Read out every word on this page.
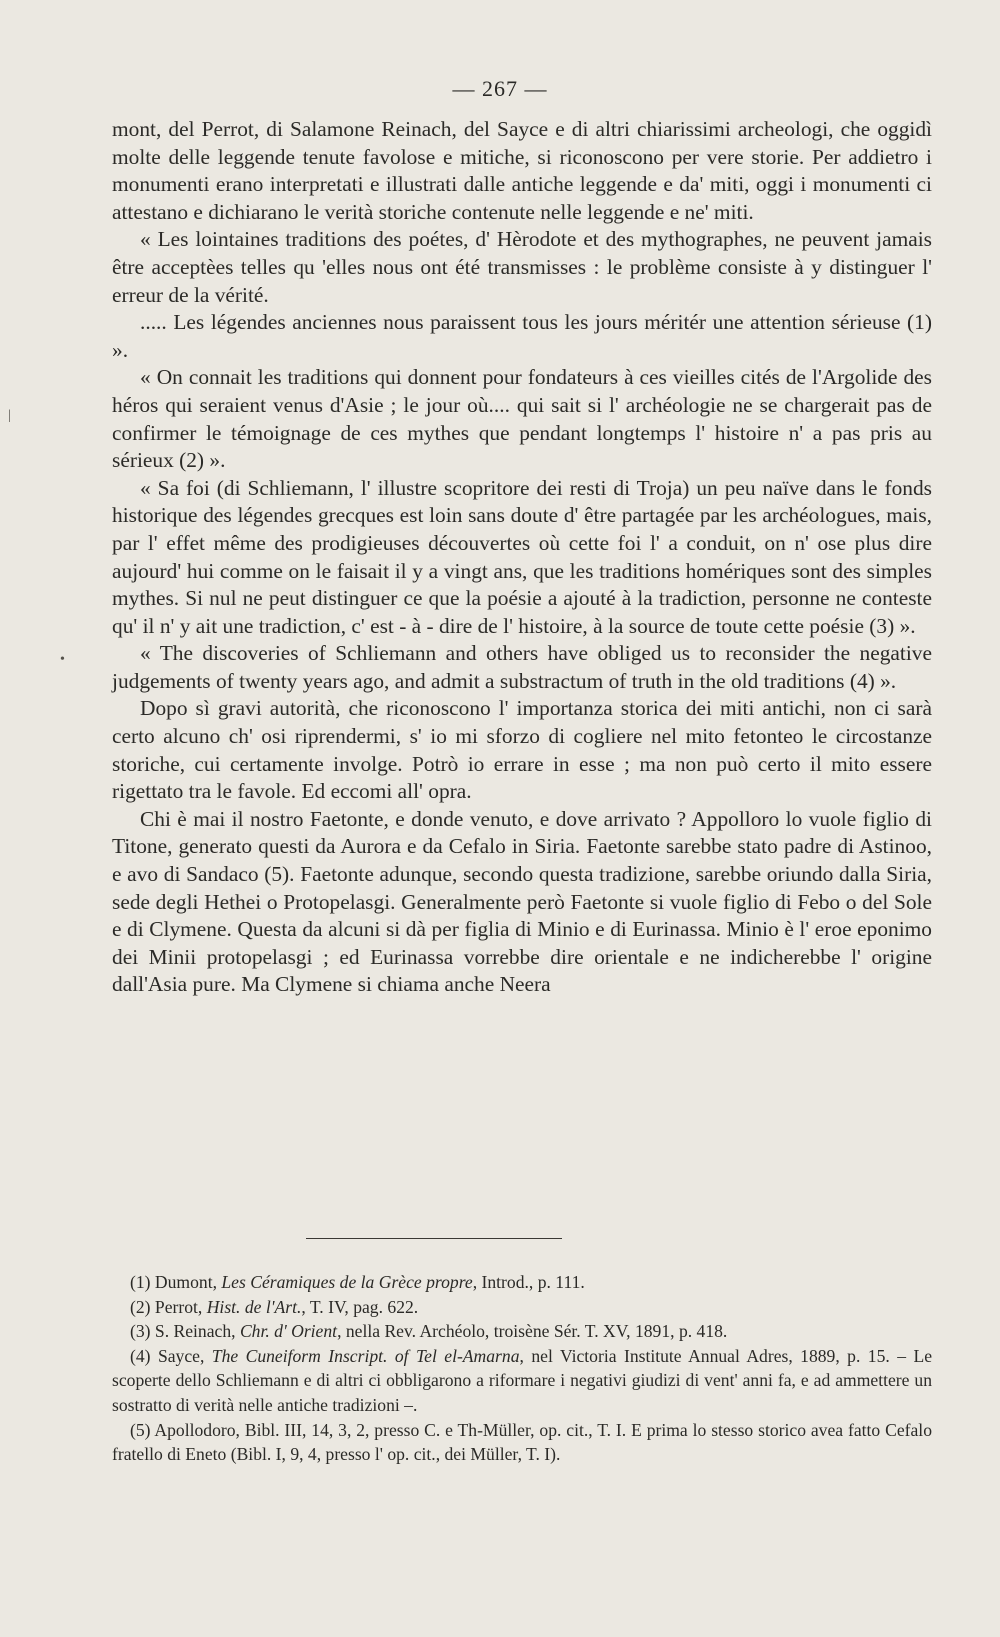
— 267 —

mont, del Perrot, di Salamone Reinach, del Sayce e di altri chiarissimi archeologi, che oggidì molte delle leggende tenute favolose e mitiche, si riconoscono per vere storie. Per addietro i monumenti erano interpretati e illustrati dalle antiche leggende e da' miti, oggi i monumenti ci attestano e dichiarano le verità storiche contenute nelle leggende e ne' miti.

« Les lointaines traditions des poétes, d' Hèrodote et des mythographes, ne peuvent jamais être acceptèes telles qu 'elles nous ont été transmisses : le problème consiste à y distinguer l' erreur de la vérité.

..... Les légendes anciennes nous paraissent tous les jours méritér une attention sérieuse (1) ».

« On connait les traditions qui donnent pour fondateurs à ces vieilles cités de l'Argolide des héros qui seraient venus d'Asie ; le jour où.... qui sait si l' archéologie ne se chargerait pas de confirmer le témoignage de ces mythes que pendant longtemps l' histoire n' a pas pris au sérieux (2) ».

« Sa foi (di Schliemann, l' illustre scopritore dei resti di Troja) un peu naïve dans le fonds historique des légendes grecques est loin sans doute d' être partagée par les archéologues, mais, par l' effet même des prodigieuses découvertes où cette foi l' a conduit, on n' ose plus dire aujourd' hui comme on le faisait il y a vingt ans, que les traditions homériques sont des simples mythes. Si nul ne peut distinguer ce que la poésie a ajouté à la tradiction, personne ne conteste qu' il n' y ait une tradiction, c' est - à - dire de l' histoire, à la source de toute cette poésie (3) ».

« The discoveries of Schliemann and others have obliged us to reconsider the negative judgements of twenty years ago, and admit a substractum of truth in the old traditions (4) ».

Dopo sì gravi autorità, che riconoscono l' importanza storica dei miti antichi, non ci sarà certo alcuno ch' osi riprendermi, s' io mi sforzo di cogliere nel mito fetonteo le circostanze storiche, cui certamente involge. Potrò io errare in esse ; ma non può certo il mito essere rigettato tra le favole. Ed eccomi all' opra.

Chi è mai il nostro Faetonte, e donde venuto, e dove arrivato ? Appolloro lo vuole figlio di Titone, generato questi da Aurora e da Cefalo in Siria. Faetonte sarebbe stato padre di Astinoo, e avo di Sandaco (5). Faetonte adunque, secondo questa tradizione, sarebbe oriundo dalla Siria, sede degli Hethei o Protopelasgi. Generalmente però Faetonte si vuole figlio di Febo o del Sole e di Clymene. Questa da alcuni si dà per figlia di Minio e di Eurinassa. Minio è l' eroe eponimo dei Minii protopelasgi ; ed Eurinassa vorrebbe dire orientale e ne indicherebbe l' origine dall'Asia pure. Ma Clymene si chiama anche Neera

(1) Dumont, Les Céramiques de la Grèce propre, Introd., p. 111.

(2) Perrot, Hist. de l'Art., T. IV, pag. 622.

(3) S. Reinach, Chr. d' Orient, nella Rev. Archéolo, troisène Sér. T. XV, 1891, p. 418.

(4) Sayce, The Cuneiform Inscript. of Tel el-Amarna, nel Victoria Institute Annual Adres, 1889, p. 15. – Le scoperte dello Schliemann e di altri ci obbligarono a riformare i negativi giudizi di vent' anni fa, e ad ammettere un sostratto di verità nelle antiche tradizioni –.

(5) Apollodoro, Bibl. III, 14, 3, 2, presso C. e Th-Müller, op. cit., T. I. E prima lo stesso storico avea fatto Cefalo fratello di Eneto (Bibl. I, 9, 4, presso l' op. cit., dei Müller, T. I).

•
|
